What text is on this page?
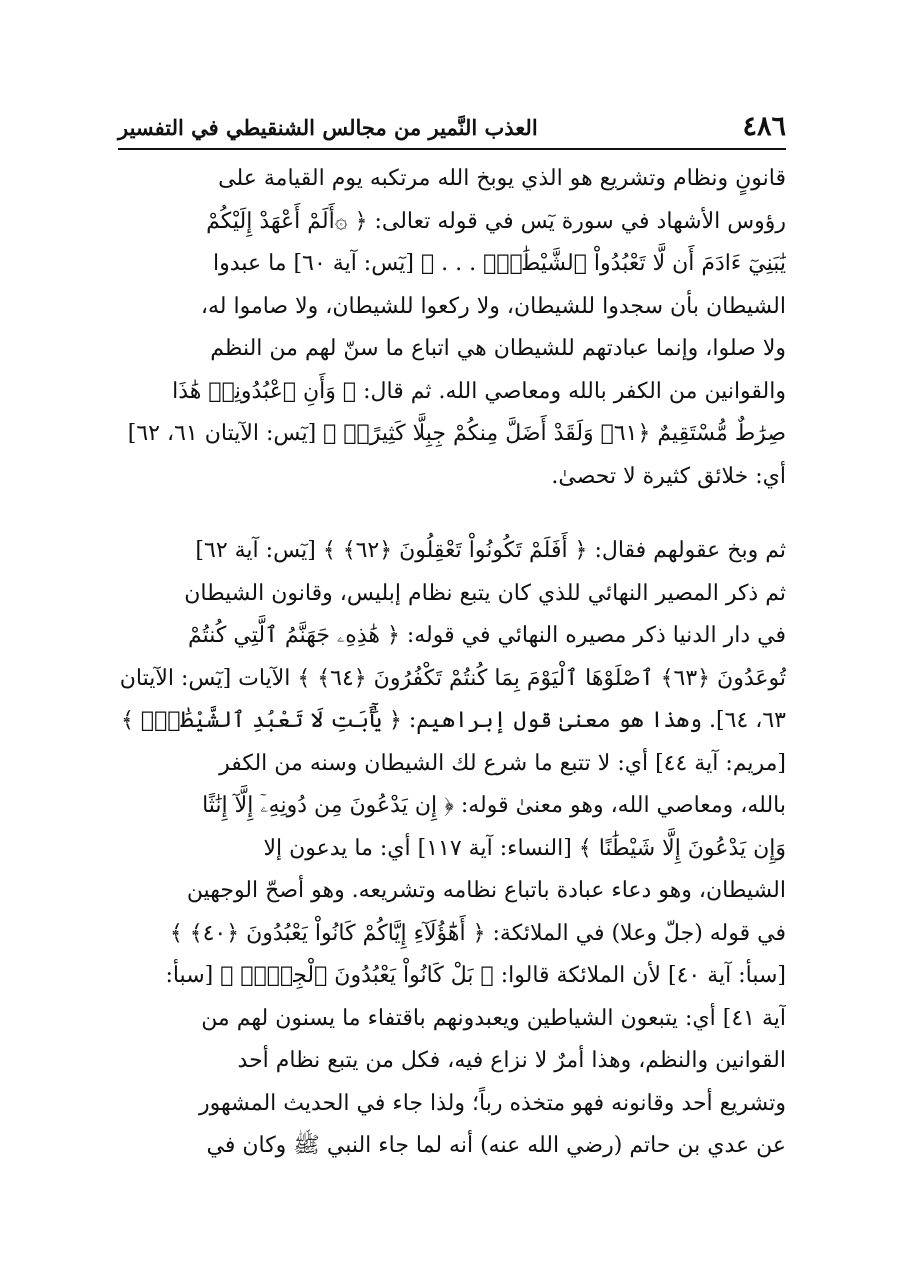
٤٨٦
العذب النَّمير من مجالس الشنقيطي في التفسير

قانونٍ ونظام وتشريع هو الذي يوبخ الله مرتكبه يوم القيامة على
رؤوس الأشهاد في سورة يٓس في قوله تعالى: ﴿ ۞أَلَمْ أَعْهَدْ إِلَيْكُمْ
يَٰبَنِيٓ ءَادَمَ أَن لَّا تَعْبُدُواْ ٱلشَّيْطَٰنَۖ . . . ﴾ [يٓس: آية ٦٠] ما عبدوا
الشيطان بأن سجدوا للشيطان، ولا ركعوا للشيطان، ولا صاموا له،
ولا صلوا، وإنما عبادتهم للشيطان هي اتباع ما سنّ لهم من النظم
والقوانين من الكفر بالله ومعاصي الله. ثم قال: ﴿ وَأَنِ ٱعْبُدُونِيۚ هَٰذَا
صِرَٰطٌ مُّسْتَقِيمٌ ﴿٦١﴾ وَلَقَدْ أَضَلَّ مِنكُمْ جِبِلًّا كَثِيرًاۖ ﴾ [يٓس: الآيتان ٦١، ٦٢]
أي: خلائق كثيرة لا تحصىٰ.

ثم وبخ عقولهم فقال: ﴿ أَفَلَمْ تَكُونُواْ تَعْقِلُونَ ﴿٦٢﴾ ﴾ [يٓس: آية ٦٢]
ثم ذكر المصير النهائي للذي كان يتبع نظام إبليس، وقانون الشيطان
في دار الدنيا ذكر مصيره النهائي في قوله: ﴿ هَٰذِهِۦ جَهَنَّمُ ٱلَّتِي كُنتُمْ
تُوعَدُونَ ﴿٦٣﴾ ٱصْلَوْهَا ٱلْيَوْمَ بِمَا كُنتُمْ تَكْفُرُونَ ﴿٦٤﴾ ﴾ الآيات [يٓس: الآيتان
٦٣، ٦٤]. وهذا هو معنىٰ قول إبراهيم: ﴿ يَٰٓأَبَتِ لَا تَعْبُدِ ٱلشَّيْطَٰنَۖ ﴾
[مريم: آية ٤٤] أي: لا تتبع ما شرع لك الشيطان وسنه من الكفر
بالله، ومعاصي الله، وهو معنىٰ قوله: ﴿ إِن يَدْعُونَ مِن دُونِهِۦٓ إِلَّآ إِنَٰثًا
وَإِن يَدْعُونَ إِلَّا شَيْطَٰنًا ﴾ [النساء: آية ١١٧] أي: ما يدعون إلا
الشيطان، وهو دعاء عبادة باتباع نظامه وتشريعه. وهو أصحّ الوجهين
في قوله (جلّ وعلا) في الملائكة: ﴿ أَهَٰٓؤُلَآءِ إِيَّاكُمْ كَانُواْ يَعْبُدُونَ ﴿٤٠﴾ ﴾
[سبأ: آية ٤٠] لأن الملائكة قالوا: ﴿ بَلْ كَانُواْ يَعْبُدُونَ ٱلْجِنَّۖ ﴾ [سبأ:
آية ٤١] أي: يتبعون الشياطين ويعبدونهم باقتفاء ما يسنون لهم من
القوانين والنظم، وهذا أمرٌ لا نزاع فيه، فكل من يتبع نظام أحد
وتشريع أحد وقانونه فهو متخذه رباً؛ ولذا جاء في الحديث المشهور
عن عدي بن حاتم (رضي الله عنه) أنه لما جاء النبي ﷺ وكان في
